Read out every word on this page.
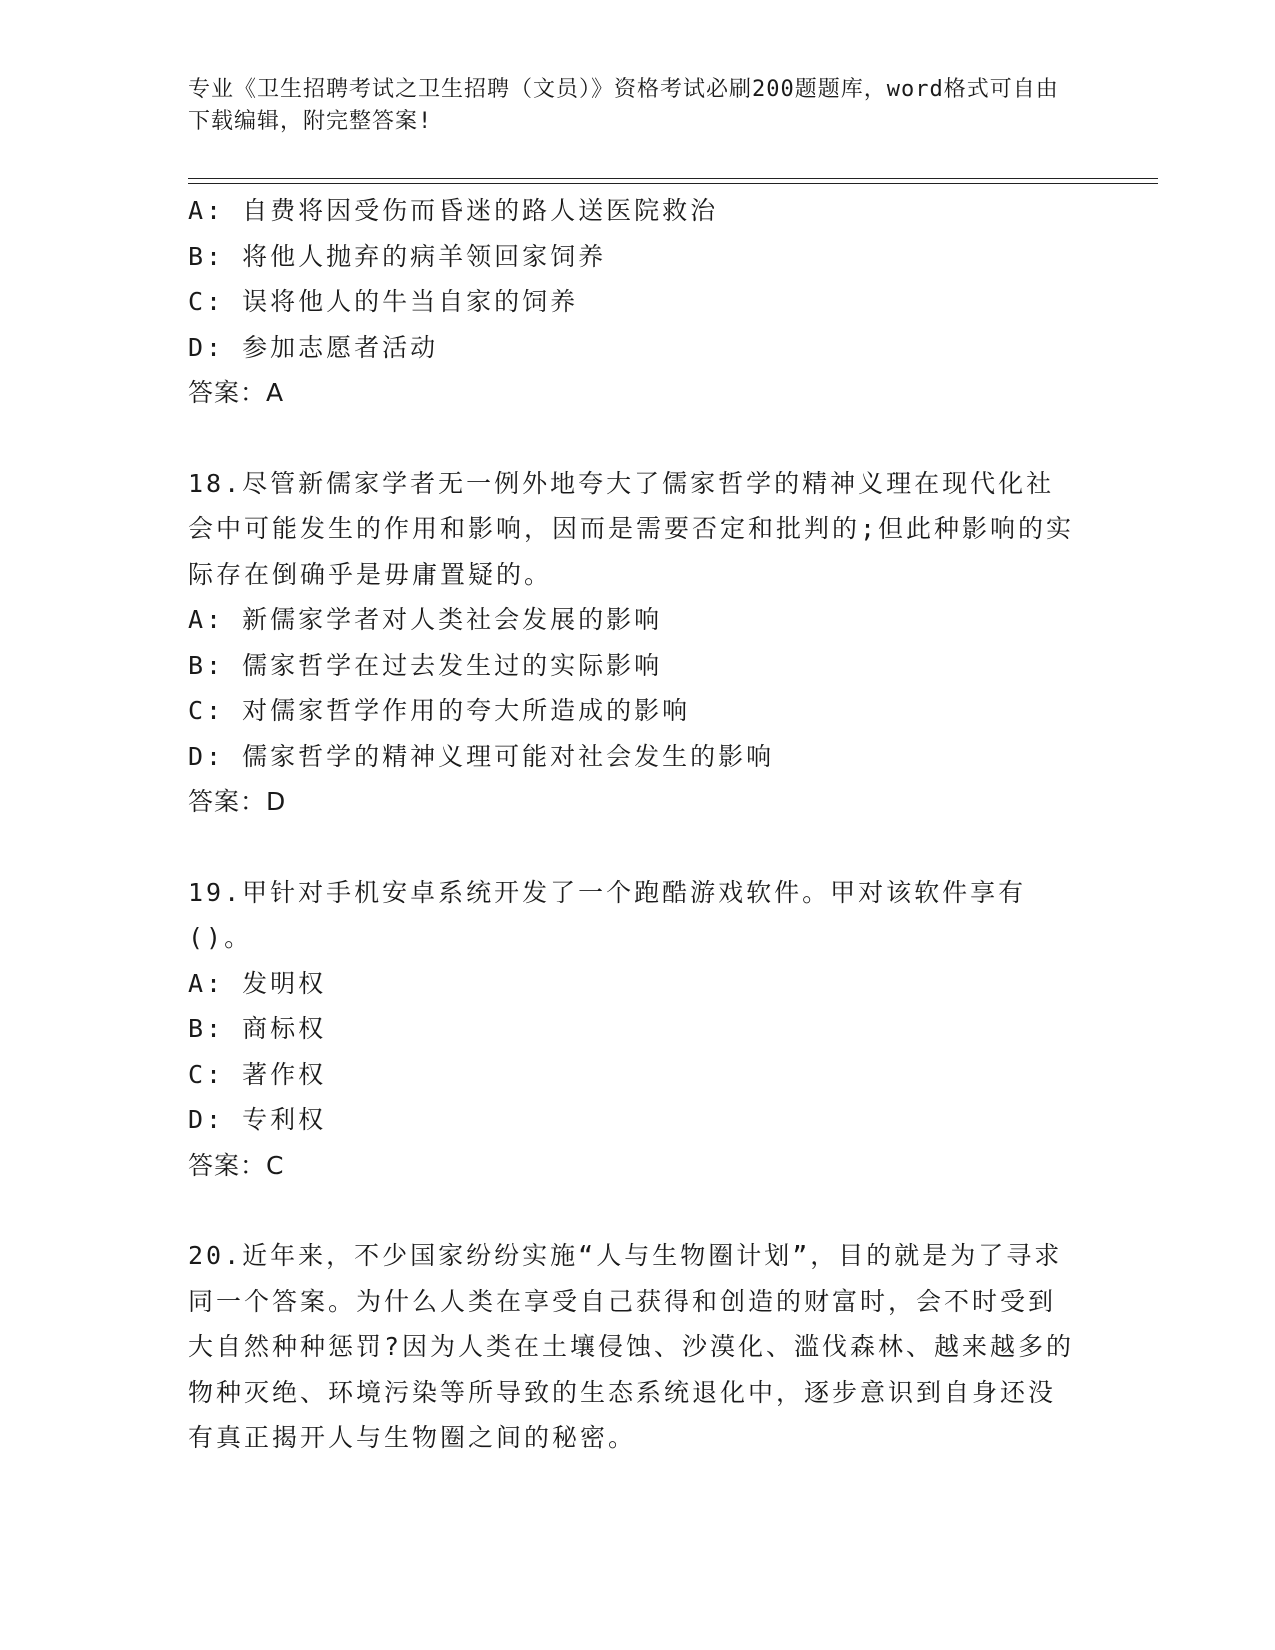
专业《卫生招聘考试之卫生招聘（文员）》资格考试必刷200题题库，word格式可自由下载编辑，附完整答案!
A: 自费将因受伤而昏迷的路人送医院救治
B: 将他人抛弃的病羊领回家饲养
C: 误将他人的牛当自家的饲养
D: 参加志愿者活动
答案：A
18.尽管新儒家学者无一例外地夸大了儒家哲学的精神义理在现代化社会中可能发生的作用和影响，因而是需要否定和批判的;但此种影响的实际存在倒确乎是毋庸置疑的。
A: 新儒家学者对人类社会发展的影响
B: 儒家哲学在过去发生过的实际影响
C: 对儒家哲学作用的夸大所造成的影响
D: 儒家哲学的精神义理可能对社会发生的影响
答案：D
19.甲针对手机安卓系统开发了一个跑酷游戏软件。甲对该软件享有()。
A: 发明权
B: 商标权
C: 著作权
D: 专利权
答案：C
20.近年来，不少国家纷纷实施“人与生物圈计划”，目的就是为了寻求同一个答案。为什么人类在享受自己获得和创造的财富时，会不时受到大自然种种惩罚?因为人类在土壤侵蚀、沙漠化、滥伐森林、越来越多的物种灭绝、环境污染等所导致的生态系统退化中，逐步意识到自身还没有真正揭开人与生物圈之间的秘密。
